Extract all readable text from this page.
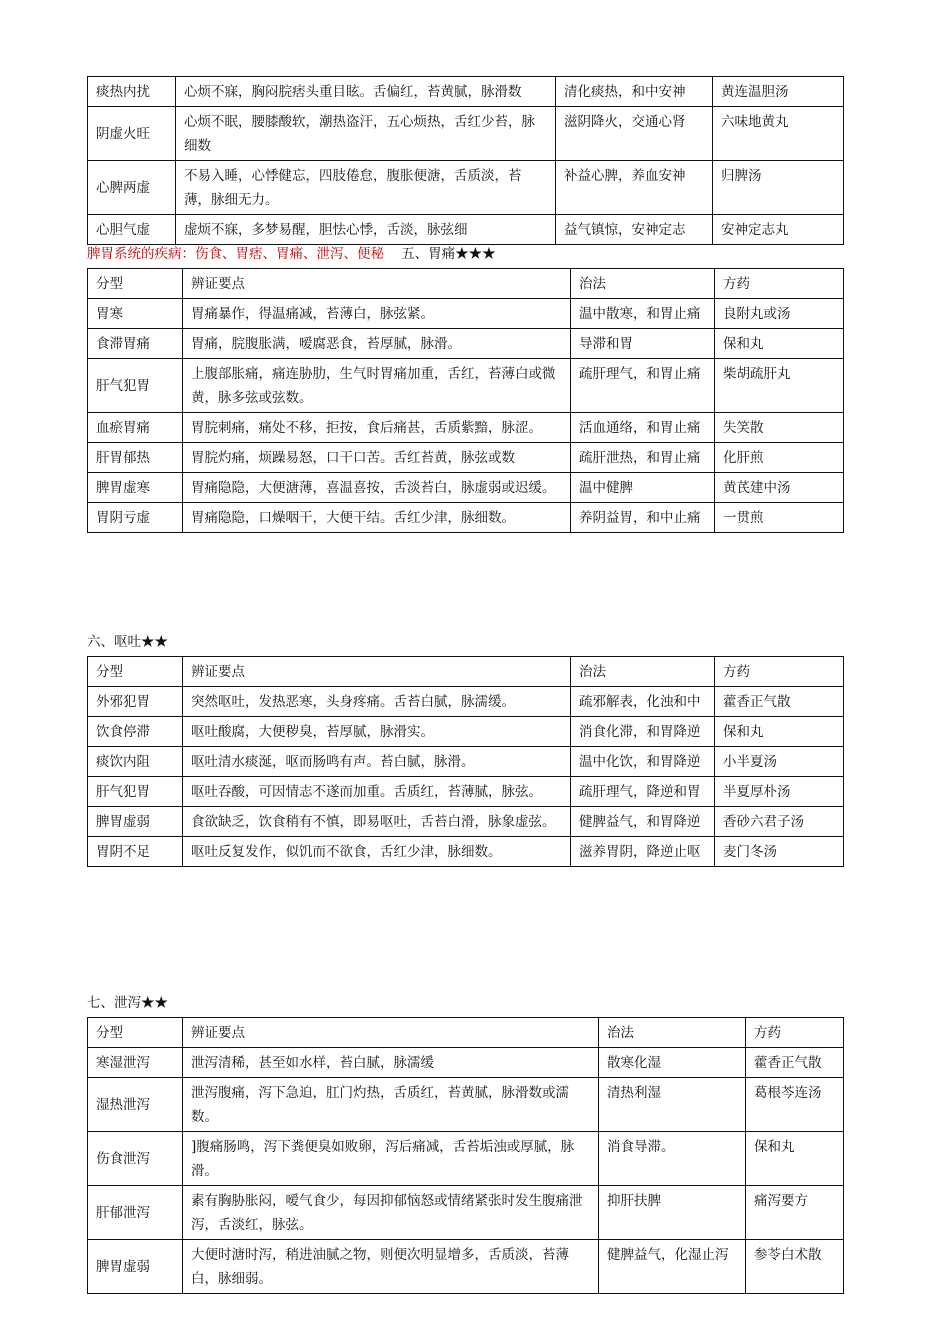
痰热内扰	心烦不寐，胸闷脘痞头重目眩。舌偏红，苔黄腻，脉滑数	清化痰热，和中安神	黄连温胆汤
阴虚火旺	心烦不眠，腰膝酸软，潮热盗汗，五心烦热，舌红少苔，脉细数	滋阴降火，交通心肾	六味地黄丸
心脾两虚	不易入睡，心悸健忘，四肢倦怠，腹胀便溏，舌质淡，苔薄，脉细无力。	补益心脾，养血安神	归脾汤
心胆气虚	虚烦不寐，多梦易醒，胆怯心悸，舌淡，脉弦细	益气镇惊，安神定志	安神定志丸
脾胃系统的疾病：伤食、胃痞、胃痛、泄泻、便秘 五、胃痛★★★
分型	辨证要点	治法	方药
胃寒	胃痛暴作，得温痛减，苔薄白，脉弦紧。	温中散寒，和胃止痛	良附丸或汤
食滞胃痛	胃痛，脘腹胀满，嗳腐恶食，苔厚腻，脉滑。	导滞和胃	保和丸
肝气犯胃	上腹部胀痛，痛连胁肋，生气时胃痛加重，舌红，苔薄白或微黄，脉多弦或弦数。	疏肝理气，和胃止痛	柴胡疏肝丸
血瘀胃痛	胃脘刺痛，痛处不移，拒按，食后痛甚，舌质紫黯，脉涩。	活血通络，和胃止痛	失笑散
肝胃郁热	胃脘灼痛，烦躁易怒，口干口苦。舌红苔黄，脉弦或数	疏肝泄热，和胃止痛	化肝煎
脾胃虚寒	胃痛隐隐，大便溏薄，喜温喜按，舌淡苔白，脉虚弱或迟缓。	温中健脾	黄芪建中汤
胃阴亏虚	胃痛隐隐，口燥咽干，大便干结。舌红少津，脉细数。	养阴益胃，和中止痛	一贯煎
六、呕吐★★
分型	辨证要点	治法	方药
外邪犯胃	突然呕吐，发热恶寒，头身疼痛。舌苔白腻，脉濡缓。	疏邪解表，化浊和中	藿香正气散
饮食停滞	呕吐酸腐，大便秽臭，苔厚腻，脉滑实。	消食化滞，和胃降逆	保和丸
痰饮内阻	呕吐清水痰涎，呕而肠鸣有声。苔白腻，脉滑。	温中化饮，和胃降逆	小半夏汤
肝气犯胃	呕吐吞酸，可因情志不遂而加重。舌质红，苔薄腻，脉弦。	疏肝理气，降逆和胃	半夏厚朴汤
脾胃虚弱	食欲缺乏，饮食稍有不慎，即易呕吐，舌苔白滑，脉象虚弦。	健脾益气，和胃降逆	香砂六君子汤
胃阴不足	呕吐反复发作，似饥而不欲食，舌红少津，脉细数。	滋养胃阴，降逆止呕	麦门冬汤
七、泄泻★★
分型	辨证要点	治法	方药
寒湿泄泻	泄泻清稀，甚至如水样，苔白腻，脉濡缓	散寒化湿	藿香正气散
湿热泄泻	泄泻腹痛，泻下急迫，肛门灼热，舌质红，苔黄腻，脉滑数或濡数。	清热利湿	葛根芩连汤
伤食泄泻	]腹痛肠鸣，泻下粪便臭如败卵，泻后痛减，舌苔垢浊或厚腻，脉滑。	消食导滞。	保和丸
肝郁泄泻	素有胸胁胀闷，嗳气食少，每因抑郁恼怒或情绪紧张时发生腹痛泄泻，舌淡红，脉弦。	抑肝扶脾	痛泻要方
脾胃虚弱	大便时溏时泻，稍进油腻之物，则便次明显增多，舌质淡，苔薄白，脉细弱。	健脾益气，化湿止泻	参苓白术散
